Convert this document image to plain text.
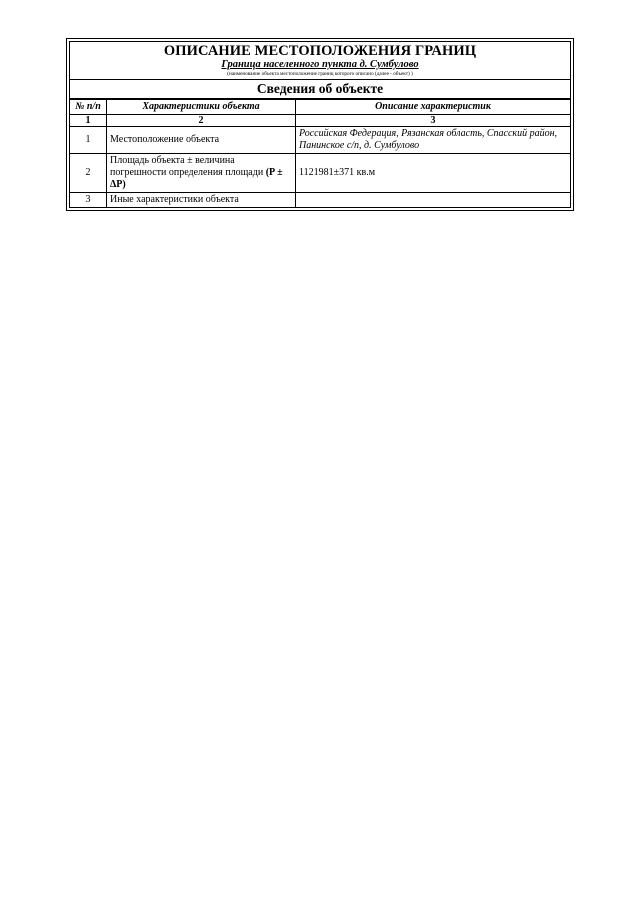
ОПИСАНИЕ МЕСТОПОЛОЖЕНИЯ ГРАНИЦ
Граница населенного пункта д. Сумбулово
(наименование объекта местоположение границ которого описано (далее - объект) )
Сведения об объекте
№ п/п	Характеристики объекта	Описание характеристик
1	2	3
1	Местоположение объекта	Российская Федерация, Рязанская область, Спасский район, Панинское с/п, д. Сумбулово
2	Площадь объекта ± величина погрешности определения площади (P ± ΔP)	1121981±371 кв.м
3	Иные характеристики объекта	
